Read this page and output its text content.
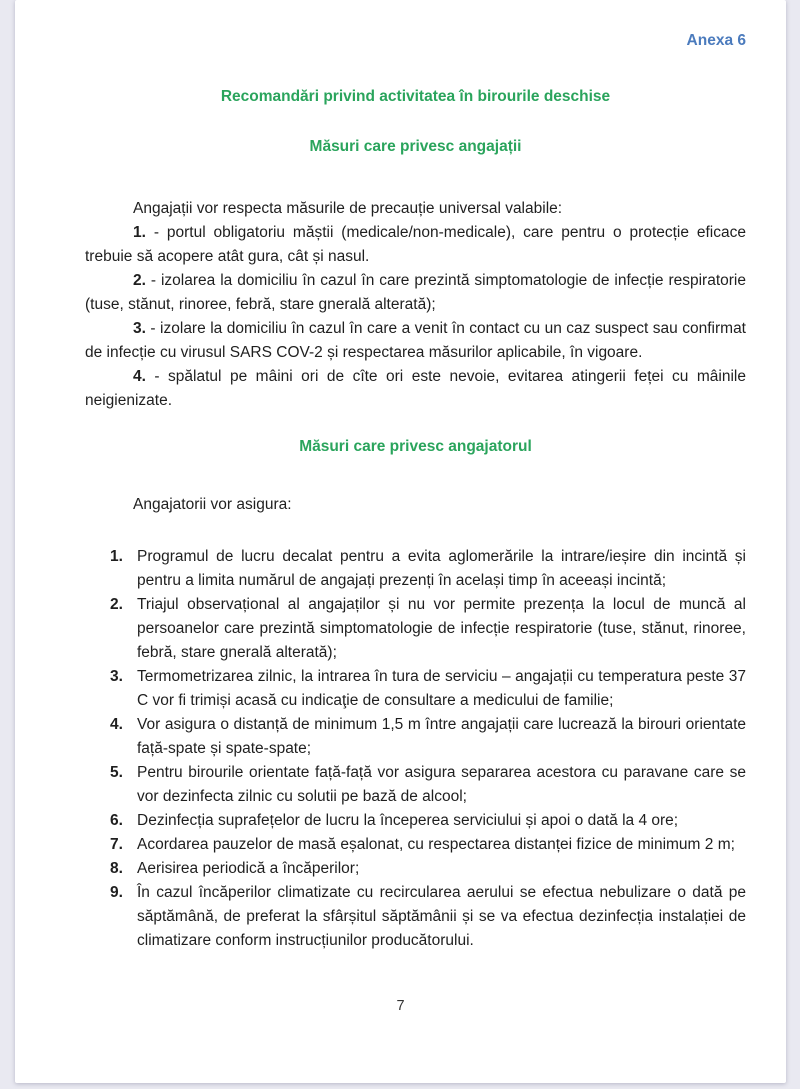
Anexa 6
Recomandări privind activitatea în birourile deschise
Măsuri care privesc angajații

Angajații vor respecta măsurile de precauție universal valabile:

1. - portul obligatoriu măștii (medicale/non-medicale), care pentru o protecție eficace trebuie să acopere atât gura, cât și nasul.

2. - izolarea la domiciliu în cazul în care prezintă simptomatologie de infecție respiratorie (tuse, stănut, rinoree, febră, stare gnerală alterată);

3. - izolare la domiciliu în cazul în care a venit în contact cu un caz suspect sau confirmat de infecție cu virusul SARS COV-2 și respectarea măsurilor aplicabile, în vigoare.

4. - spălatul pe mâini ori de cîte ori este nevoie, evitarea atingerii feței cu mâinile neigienizate.

Măsuri care privesc angajatorul

Angajatorii vor asigura:

1. Programul de lucru decalat pentru a evita aglomerările la intrare/ieșire din incintă și pentru a limita numărul de angajați prezenți în același timp în aceeași incintă;
2. Triajul observațional al angajaților și nu vor permite prezența la locul de muncă al persoanelor care prezintă simptomatologie de infecție respiratorie (tuse, stănut, rinoree, febră, stare gnerală alterată);
3. Termometrizarea zilnic, la intrarea în tura de serviciu – angajații cu temperatura peste 37 C vor fi trimiși acasă cu indicaţie de consultare a medicului de familie;
4. Vor asigura o distanță de minimum 1,5 m între angajații care lucrează la birouri orientate față-spate și spate-spate;
5. Pentru birourile orientate față-față vor asigura separarea acestora cu paravane care se vor dezinfecta zilnic cu solutii pe bază de alcool;
6. Dezinfecția suprafețelor de lucru la începerea serviciului și apoi o dată la 4 ore;
7. Acordarea pauzelor de masă eșalonat, cu respectarea distanței fizice de minimum 2 m;
8. Aerisirea periodică a încăperilor;
9. În cazul încăperilor climatizate cu recircularea aerului se efectua nebulizare o dată pe săptămână, de preferat la sfârșitul săptămânii și se va efectua dezinfecția instalației de climatizare conform instrucțiunilor producătorului.
7
